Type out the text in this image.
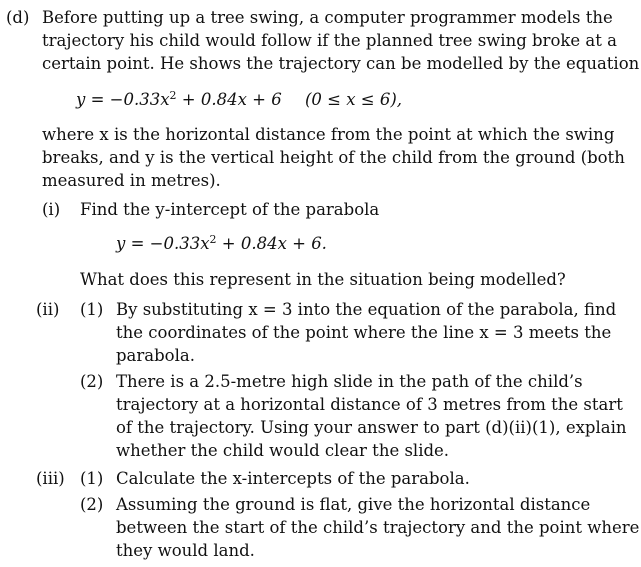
(d) Before putting up a tree swing, a computer programmer models the
trajectory his child would follow if the planned tree swing broke at a
certain point. He shows the trajectory can be modelled by the equation
$y = -0.33x^2 + 0.84x + 6$ (0 ≤ x ≤ 6),
where x is the horizontal distance from the point at which the swing
breaks, and y is the vertical height of the child from the ground (both
measured in metres).
(i) Find the y-intercept of the parabola
$y = -0.33x^2 + 0.84x + 6$.
What does this represent in the situation being modelled?
(ii) (1) By substituting x = 3 into the equation of the parabola, find
the coordinates of the point where the line x = 3 meets the
parabola.
(2) There is a 2.5-metre high slide in the path of the child’s
trajectory at a horizontal distance of 3 metres from the start
of the trajectory. Using your answer to part (d)(ii)(1), explain
whether the child would clear the slide.
(iii) (1) Calculate the x-intercepts of the parabola.
(2) Assuming the ground is flat, give the horizontal distance
between the start of the child’s trajectory and the point where
they would land.
